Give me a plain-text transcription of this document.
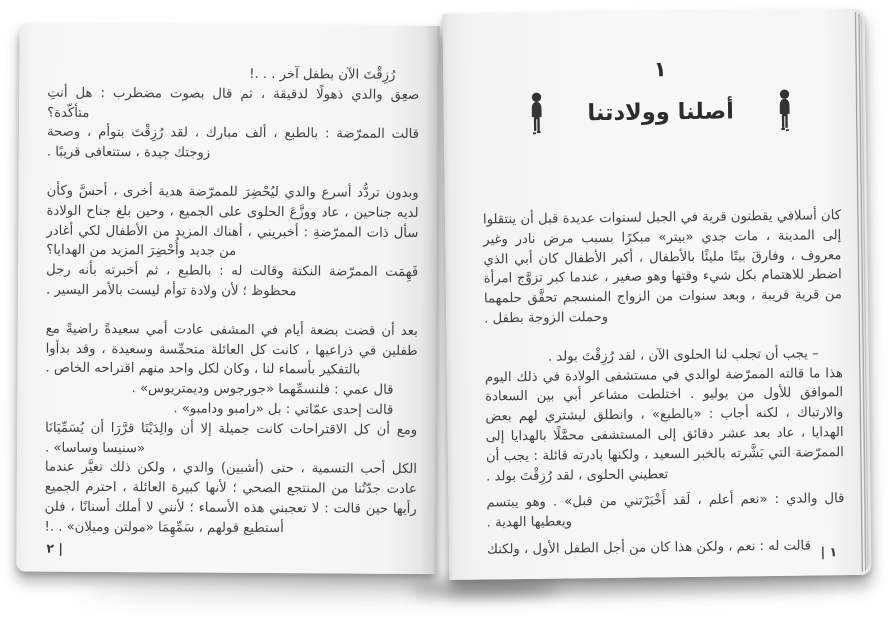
رُزِقْتَ الآن بطفل آخر . . .!

صعِق والدي ذهولًا لدقيقة ، ثم قال بصوت مضطرب : هل أنتِ متأكّدة؟

قالت الممرّضة : بالطبع ، ألف مبارك ، لقد رُزِقْتَ بتوأم ، وصحة زوجتك جيدة ، ستتعافى قريبًا .

وبدون تردُّد أسرع والدي ليُحْضِرَ للممرّضة هدية أخرى ، أحسَّ وكأن لديه جناحين ، عاد ووزَّعَ الحلوى على الجميع ، وحين بلغ جناح الولادة سأل ذات الممرّضةِ : أخبريني ، أهناك المزيد من الأطفال لكي أغادر من جديد وأُحْضِرَ المزيد من الهدايا؟

فَهِمَت الممرّضة النكتة وقالت له : بالطبع ، ثم أخبرته بأنه رجل محظوظ ؛ لأن ولادة توأم ليست بالأمر اليسير .

بعد أن قضت بضعة أيام في المشفى عادت أمي سعيدةً راضيةً مع طفلين في ذراعيها ، كانت كل العائلة متحمِّسة وسعيدة ، وقد بدأوا بالتفكير بأسماء لنا ، وكان لكل واحد منهم اقتراحه الخاص .

قال عمي : فلنسمِّهما «جورجوس وديمتريوس» .

قالت إحدى عمّاتي : بل «رامبو ودامبو» .

ومع أن كل الاقتراحات كانت جميلة إلا أن والِدَيْنَا قرَّرَا أن يُسَمِّيَانَا «سنيسا وساسا» .

الكل أحب التسمية ، حتى (أشبين) والدي ، ولكن ذلك تغيَّر عندما عادت جدّتُنا من المنتجع الصحي ؛ لأنها كبيرة العائلة ، احترم الجميع رأيها حين قالت : لا تعجبني هذه الأسماء ؛ لأنني لا أملك أسنانًا ، فلن أستطيع قولهم ، سَمِّهِمَا «مولتن وميلان» . .!

٢ |
١
أصلنا وولادتنا

كان أسلافي يقطنون قرية في الجبل لسنوات عديدة قبل أن ينتقلوا إلى المدينة ، مات جدي «بيتر» مبكرًا بسبب مرض نادر وغير معروف ، وفارقَ بيتًا مليئًا بالأطفال ، أكبر الأطفال كان أبي الذي اضطر للاهتمام بكل شيء وقتها وهو صغير ، عندما كبر تزوَّج امرأة من قرية قريبة ، وبعد سنوات من الزواج المنسجم تحقَّق حلمهما وحملت الزوجة بطفل .

– يجب أن تجلب لنا الحلوى الآن ، لقد رُزِقْتَ بولد .

هذا ما قالته الممرّضة لوالدي في مستشفى الولادة في ذلك اليوم الموافق للأول من يوليو . اختلطت مشاعر أبي بين السعادة والارتباك ، لكنه أجاب : «بالطبع» ، وانطلق ليشتري لهم بعض الهدايا ، عاد بعد عشر دقائق إلى المستشفى محمَّلًا بالهدايا إلى الممرّضة التي بَشَّرته بالخبر السعيد ، ولكنها بادرته قائلة : يجب أن تعطيني الحلوى ، لقد رُزِقْتَ بولد .

قال والدي : «نعم أعلم ، لَقد أَخْبَرْتني من قبل» . وهو يبتسم ويعطيها الهدية .

قالت له : نعم ، ولكن هذا كان من أجل الطفل الأول ، ولكنك | ١
